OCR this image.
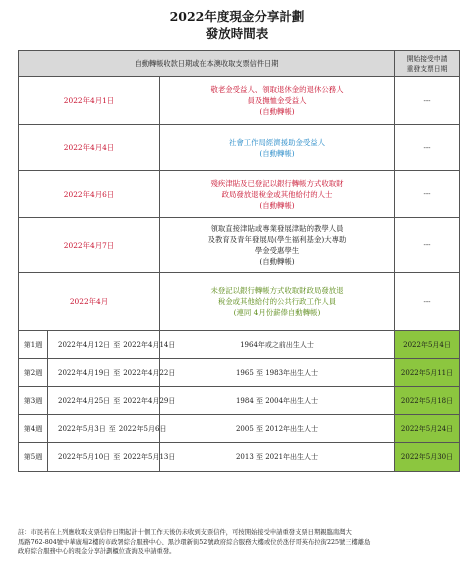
2022年度現金分享計劃
發放時間表
自動轉帳收款日期或在本澳收取支票信件日期			開始接受申請
重發支票日期
2022年4月1日		敬老金受益人、領取退休金的退休公務人
員及撫恤金受益人
(自動轉帳)	---
2022年4月4日		社會工作局經濟援助金受益人
(自動轉帳)	---
2022年4月6日		殘疾津貼及已登記以銀行轉帳方式收取財
政局發放退稅金或其他給付的人士
(自動轉帳)	---
2022年4月7日		領取直接津貼或專業發展津貼的教學人員
及教育及青年發展局(學生福利基金)大專助
學金受惠學生
(自動轉帳)	---
2022年4月		未登記以銀行轉帳方式收取財政局發放退
稅金或其他給付的公共行政工作人員
(連同 4月份薪俸自動轉帳)	---
第1週	2022年4月12日 至 2022年4月14日	1964年或之前出生人士	2022年5月4日
第2週	2022年4月19日 至 2022年4月22日	1965 至 1983年出生人士	2022年5月11日
第3週	2022年4月25日 至 2022年4月29日	1984 至 2004年出生人士	2022年5月18日
第4週	2022年5月3日 至 2022年5月6日	2005 至 2012年出生人士	2022年5月24日
第5週	2022年5月10日 至 2022年5月13日	2013 至 2021年出生人士	2022年5月30日
註：市民若在上列應收取支票信件日期起計十個工作天後仍未收到支票信件，可按開始接受申請重發支票日期親臨南灣大
馬路762-804號中華廣場2樓的市政署綜合服務中心、黑沙環新街52號政府綜合服務大樓或位於氹仔哥英布拉街225號三樓離島
政府綜合服務中心的現金分享計劃櫃位查詢及申請重發。
